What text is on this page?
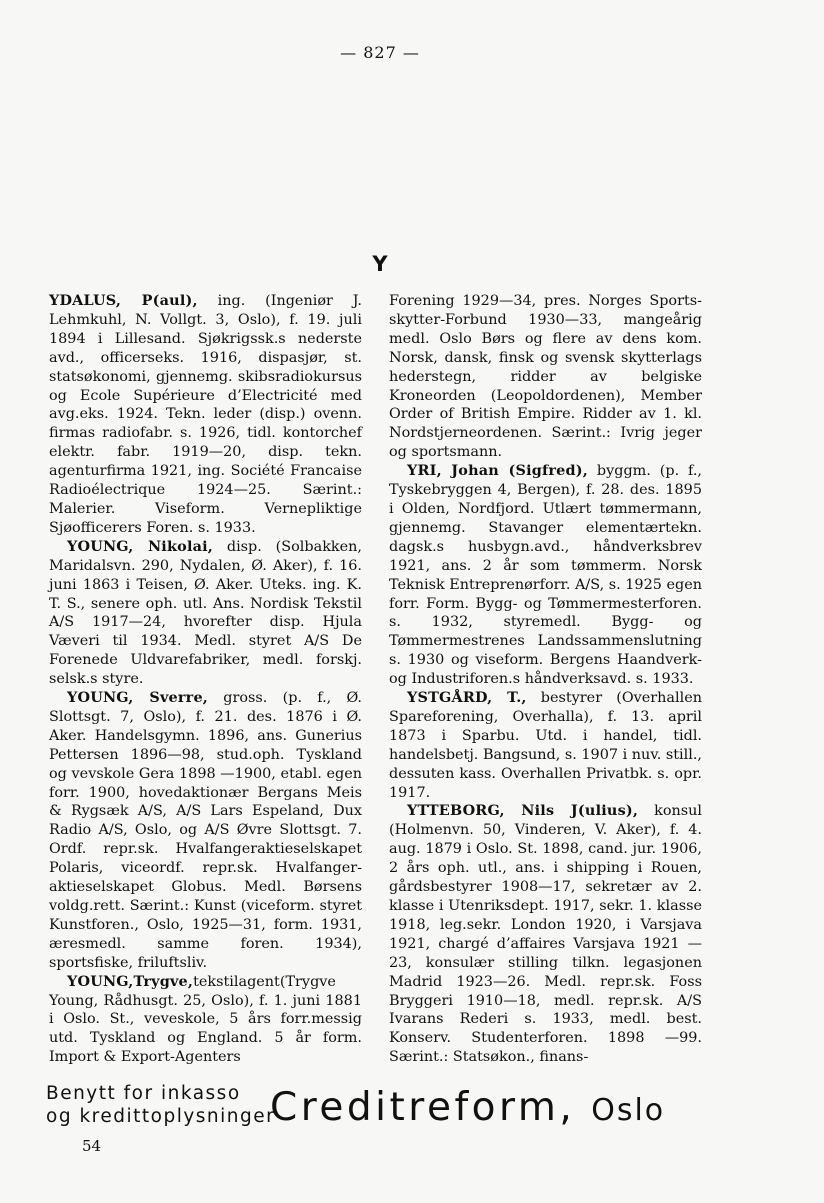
— 827 —
Y

YDALUS, P(aul), ing. (Ingeniør J. Lehmkuhl, N. Vollgt. 3, Oslo), f. 19. juli 1894 i Lillesand. Sjøkrigssk.s nederste avd., officerseks. 1916, dispasjør, st. statsøkonomi, gjennemg. skibsradiokursus og Ecole Supérieure d’Electricité med avg.eks. 1924. Tekn. leder (disp.) ovenn. firmas radiofabr. s. 1926, tidl. kontorchef elektr. fabr. 1919—20, disp. tekn. agenturfirma 1921, ing. Société Francaise Radioélectrique 1924—25. Særint.: Malerier. Viseform. Vernepliktige Sjøofficerers Foren. s. 1933.

YOUNG, Nikolai, disp. (Solbakken, Maridalsvn. 290, Nydalen, Ø. Aker), f. 16. juni 1863 i Teisen, Ø. Aker. Uteks. ing. K. T. S., senere oph. utl. Ans. Nordisk Tekstil A/S 1917—24, hvorefter disp. Hjula Væveri til 1934. Medl. styret A/S De Forenede Uldvarefabriker, medl. forskj. selsk.s styre.

YOUNG, Sverre, gross. (p. f., Ø. Slottsgt. 7, Oslo), f. 21. des. 1876 i Ø. Aker. Handelsgymn. 1896, ans. Gunerius Pettersen 1896—98, stud.oph. Tyskland og vevskole Gera 1898 —1900, etabl. egen forr. 1900, hovedaktionær Bergans Meis & Rygsæk A/S, A/S Lars Espeland, Dux Radio A/S, Oslo, og A/S Øvre Slottsgt. 7. Ordf. repr.sk. Hvalfangeraktieselskapet Polaris, viceordf. repr.sk. Hvalfangeraktieselskapet Globus. Medl. Børsens voldg.rett. Særint.: Kunst (viceform. styret Kunstforen., Oslo, 1925—31, form. 1931, æresmedl. samme foren. 1934), sportsfiske, friluftsliv.

YOUNG,Trygve,tekstilagent(Trygve Young, Rådhusgt. 25, Oslo), f. 1. juni 1881 i Oslo. St., veveskole, 5 års forr.messig utd. Tyskland og England. 5 år form. Import & Export-Agenters

Forening 1929—34, pres. Norges Sportsskytter-Forbund 1930—33, mangeårig medl. Oslo Børs og flere av dens kom. Norsk, dansk, finsk og svensk skytterlags hederstegn, ridder av belgiske Kroneorden (Leopoldordenen), Member Order of British Empire. Ridder av 1. kl. Nordstjerneordenen. Særint.: Ivrig jeger og sportsmann.

YRI, Johan (Sigfred), byggm. (p. f., Tyskebryggen 4, Bergen), f. 28. des. 1895 i Olden, Nordfjord. Utlært tømmermann, gjennemg. Stavanger elementærtekn. dagsk.s husbygn.avd., håndverksbrev 1921, ans. 2 år som tømmerm. Norsk Teknisk Entreprenørforr. A/S, s. 1925 egen forr. Form. Bygg- og Tømmermesterforen. s. 1932, styremedl. Bygg- og Tømmermestrenes Landssammenslutning s. 1930 og viseform. Bergens Haandverk- og Industriforen.s håndverksavd. s. 1933.

YSTGÅRD, T., bestyrer (Overhallen Spareforening, Overhalla), f. 13. april 1873 i Sparbu. Utd. i handel, tidl. handelsbetj. Bangsund, s. 1907 i nuv. still., dessuten kass. Overhallen Privatbk. s. opr. 1917.

YTTEBORG, Nils J(ulius), konsul (Holmenvn. 50, Vinderen, V. Aker), f. 4. aug. 1879 i Oslo. St. 1898, cand. jur. 1906, 2 års oph. utl., ans. i shipping i Rouen, gårdsbestyrer 1908—17, sekretær av 2. klasse i Utenriksdept. 1917, sekr. 1. klasse 1918, leg.sekr. London 1920, i Varsjava 1921, chargé d’affaires Varsjava 1921 —23, konsulær stilling tilkn. legasjonen Madrid 1923—26. Medl. repr.sk. Foss Bryggeri 1910—18, medl. repr.sk. A/S Ivarans Rederi s. 1933, medl. best. Konserv. Studenterforen. 1898 —99. Særint.: Statsøkon., finans-

Benytt for inkasso
og kredittoplysninger
Creditreform, Oslo
54
